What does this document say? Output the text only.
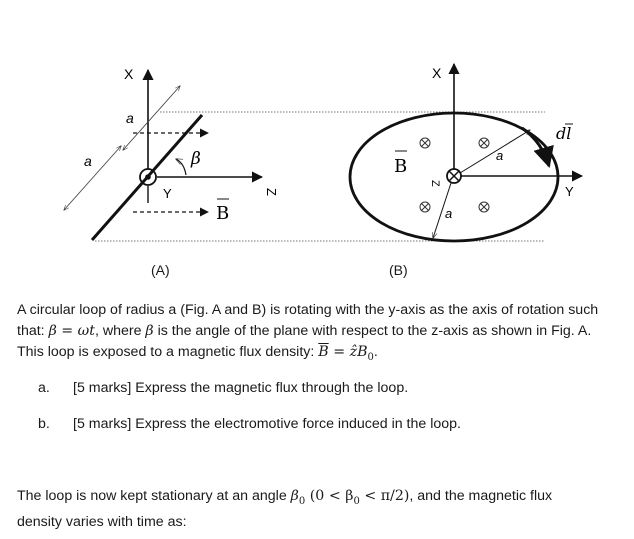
X
Y	Z
a
a	β
B
X
Y
Z
a
a
B
dl
(A)	(B)
A circular loop of radius a (Fig. A and B) is rotating with the y-axis as the axis of rotation such
that: β = ωt, where β is the angle of the plane with respect to the z-axis as shown in Fig. A.
This loop is exposed to a magnetic flux density: $\overline{B}$ = ẑB$_0$.
a. [5 marks] Express the magnetic flux through the loop.
b. [5 marks] Express the electromotive force induced in the loop.
The loop is now kept stationary at an angle $\beta_0$ $(0 < \beta_0 < \pi/2)$, and the magnetic flux
density varies with time as:
